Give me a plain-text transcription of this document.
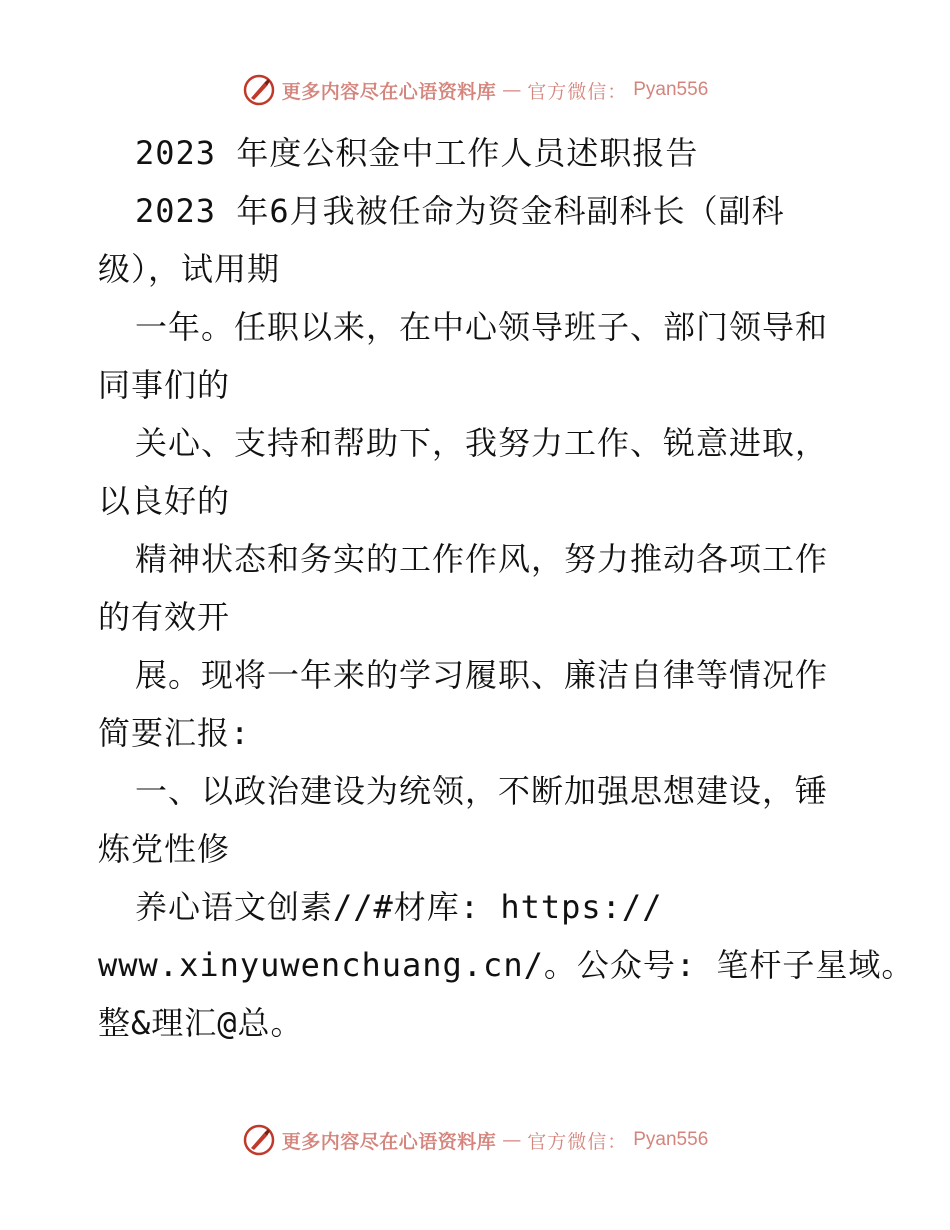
更多内容尽在心语资料库 — 官方微信： Pyan556
2023 年度公积金中工作人员述职报告
2023 年6月我被任命为资金科副科长（副科
级），试用期
一年。任职以来，在中心领导班子、部门领导和
同事们的
关心、支持和帮助下，我努力工作、锐意进取，
以良好的
精神状态和务实的工作作风，努力推动各项工作
的有效开
展。现将一年来的学习履职、廉洁自律等情况作
简要汇报:
一、以政治建设为统领，不断加强思想建设，锤
炼党性修
养心语文创素//#材库: https://
www.xinyuwenchuang.cn/。公众号: 笔杆子星域。
整&理汇@总。
更多内容尽在心语资料库 — 官方微信： Pyan556
